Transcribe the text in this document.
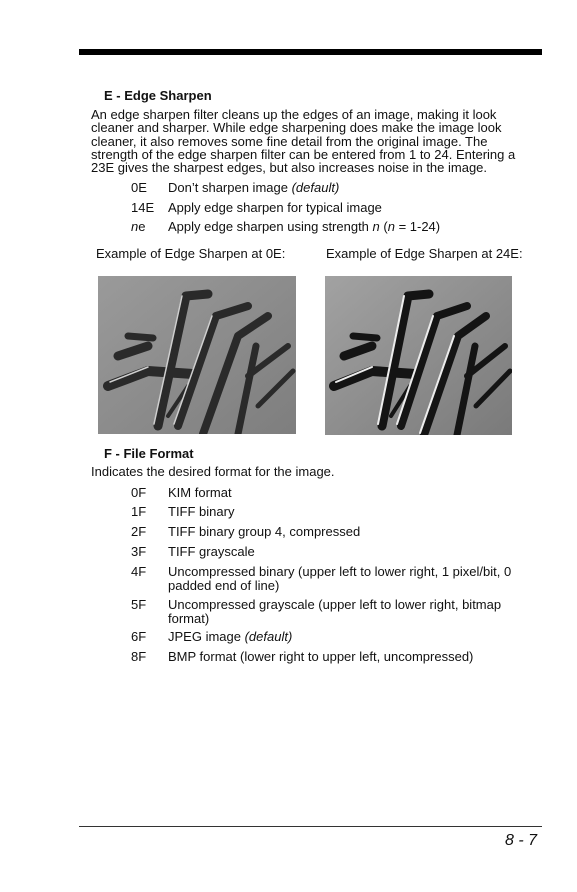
E - Edge Sharpen
An edge sharpen filter cleans up the edges of an image, making it look cleaner and sharper. While edge sharpening does make the image look cleaner, it also removes some fine detail from the original image. The strength of the edge sharpen filter can be entered from 1 to 24. Entering a 23E gives the sharpest edges, but also increases noise in the image.
0E Don’t sharpen image (default)
14E Apply edge sharpen for typical image
ne Apply edge sharpen using strength n (n = 1-24)
Example of Edge Sharpen at 0E:	Example of Edge Sharpen at 24E:
F - File Format
Indicates the desired format for the image.
0F KIM format
1F TIFF binary
2F TIFF binary group 4, compressed
3F TIFF grayscale
4F Uncompressed binary (upper left to lower right, 1 pixel/bit, 0 padded end of line)
5F Uncompressed grayscale (upper left to lower right, bitmap format)
6F JPEG image (default)
8F BMP format (lower right to upper left, uncompressed)
8 - 7
